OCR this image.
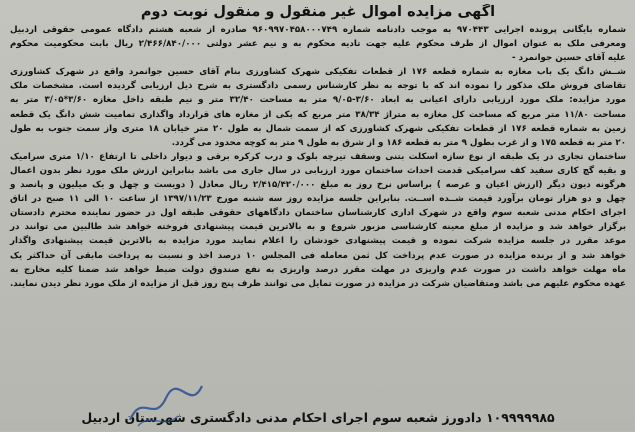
آگهی مزایده اموال غیر منقول و منقول نوبت دوم
شماره بایگانی پرونده اجرایی ۹۷۰۴۴۳ به موجب دادنامه شماره ۹۶۰۹۹۷۰۴۵۸۰۰۰۷۴۹ صادره از شعبه هشتم دادگاه عمومی حقوقی اردبیل
ومعرفی ملک به عنوان اموال از طرف محکوم علیه جهت تادیه محکوم به و نیم عشر دولتی ۲/۴۶۶/۸۴۰/۰۰۰ ریال بابت محکومیت محکوم
علیه آقای حسین جوانمرد -
شــش دانگ یک باب مغازه به شماره قطعه ۱۷۶ از قطعات تفکیکی شهرک کشاورزی بنام آقای حسین جوانمرد واقع در شهرک کشاورزی
تقاضای فروش ملک مذکور را نموده اند که با توجه به نظر کارشناس رسمی دادگستری به شرح ذیل ارزیابی گردیده است. مشخصات ملک
مورد مزایده: ملک مورد ارزیابی دارای اعیانی به ابعاد ۳/۶۰-۹/۰۵ متر به مساحت ۳۲/۴۰ متر و نیم طبقه داخل مغازه ۳/۶۰*۳/۰۵ متر به
مساحت ۱۱/۸۰ متر مربع که مساحت کل مغازه به متراژ ۳۸/۳۴ متر مربع که یکی از مغازه های قرارداد واگذاری تمامیت شش دانگ یک قطعه
زمین به شماره قطعه ۱۷۶ از قطعات تفکیکی شهرک کشاورزی که از سمت شمال به طول ۲۰ متر خیابان ۱۸ متری واز سمت جنوب به طول
۲۰ متر به قطعه ۱۷۵ و از غرب بطول ۹ متر به قطعه ۱۸۶ و از شرق به طول ۹ متر به کوچه محدود می گردد.
ساختمان تجاری در یک طبقه از نوع سازه اسکلت بتنی وسقف تیرچه بلوک و درب کرکره برقی و دیوار داخلی تا ارتفاع ۱/۱۰ متری سرامیک
و بقیه گچ کاری سفید کف سرامیکی قدمت احداث ساختمان مورد ارزیابی در سال جاری می باشد بنابراین ارزش ملک مورد نظر بدون اعمال
هرگونه دیون دیگر (ارزش اعیان و عرصه ) براساس نرخ روز به مبلغ ۲/۴۱۵/۴۲۰/۰۰۰ ریال معادل ( دویست و چهل و یک میلیون و پانصد و
چهل و دو هزار تومان برآورد قیمت شــده اســت. بنابراین جلسه مزایده روز سه شنبه مورخ ۱۳۹۷/۱۱/۲۳ از ساعت ۱۰ الی ۱۱ صبح در اتاق
اجرای احکام مدنی شعبه سوم واقع در شهرک اداری کارشناسان ساختمان دادگاههای حقوقی طبقه اول در حضور نماینده محترم دادستان
برگزار خواهد شد و مزایده از مبلغ معینه کارشناسی مزبور شروع و به بالاترین قیمت پیشنهادی فروخته خواهد شد طالبین می توانند در
موعد مقرر در جلسه مزایده شرکت نموده و قیمت پیشنهادی خودشان را اعلام نمایند مورد مزایده به بالاترین قیمت پیشنهادی واگذار
خواهد شد و از برنده مزایده در صورت عدم پرداخت کل ثمن معامله فی المجلس ۱۰ درصد اخذ و نسبت به پرداخت مابقی آن حداکثر یک
ماه مهلت خواهد داشت در صورت عدم واریزی در مهلت مقرر درصد واریزی به نفع صندوق دولت ضبط خواهد شد ضمنا کلیه مخارج به
عهده محکوم علیهم می باشد ومتقاضیان شرکت در مزایده در صورت تمایل می توانند ظرف پنج روز قبل از مزایده از ملک مورد نظر دیدن نمایند.
۱۰۹۹۹۹۹۸۵ دادورز شعبه سوم اجرای احکام مدنی دادگستری شهرستان اردبیل
